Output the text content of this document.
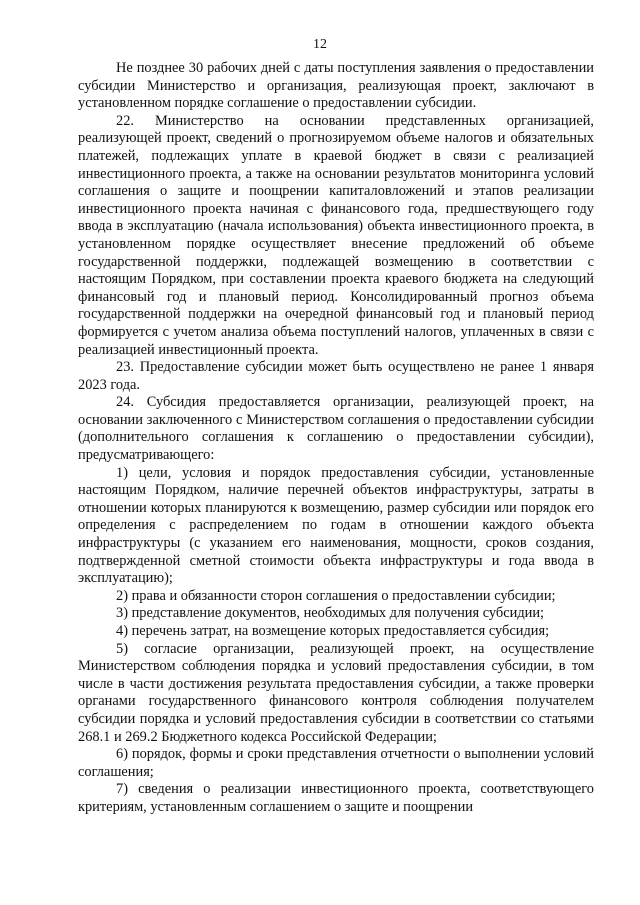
12

Не позднее 30 рабочих дней с даты поступления заявления о предоставлении субсидии Министерство и организация, реализующая проект, заключают в установленном порядке соглашение о предоставлении субсидии.

22. Министерство на основании представленных организацией, реализующей проект, сведений о прогнозируемом объеме налогов и обязательных платежей, подлежащих уплате в краевой бюджет в связи с реализацией инвестиционного проекта, а также на основании результатов мониторинга условий соглашения о защите и поощрении капиталовложений и этапов реализации инвестиционного проекта начиная с финансового года, предшествующего году ввода в эксплуатацию (начала использования) объекта инвестиционного проекта, в установленном порядке осуществляет внесение предложений об объеме государственной поддержки, подлежащей возмещению в соответствии с настоящим Порядком, при составлении проекта краевого бюджета на следующий финансовый год и плановый период. Консолидированный прогноз объема государственной поддержки на очередной финансовый год и плановый период формируется с учетом анализа объема поступлений налогов, уплаченных в связи с реализацией инвестиционный проекта.

23. Предоставление субсидии может быть осуществлено не ранее 1 января 2023 года.

24. Субсидия предоставляется организации, реализующей проект, на основании заключенного с Министерством соглашения о предоставлении субсидии (дополнительного соглашения к соглашению о предоставлении субсидии), предусматривающего:

1) цели, условия и порядок предоставления субсидии, установленные настоящим Порядком, наличие перечней объектов инфраструктуры, затраты в отношении которых планируются к возмещению, размер субсидии или порядок его определения с распределением по годам в отношении каждого объекта инфраструктуры (с указанием его наименования, мощности, сроков создания, подтвержденной сметной стоимости объекта инфраструктуры и года ввода в эксплуатацию);

2) права и обязанности сторон соглашения о предоставлении субсидии;

3) представление документов, необходимых для получения субсидии;

4) перечень затрат, на возмещение которых предоставляется субсидия;

5) согласие организации, реализующей проект, на осуществление Министерством соблюдения порядка и условий предоставления субсидии, в том числе в части достижения результата предоставления субсидии, а также проверки органами государственного финансового контроля соблюдения получателем субсидии порядка и условий предоставления субсидии в соответствии со статьями 268.1 и 269.2 Бюджетного кодекса Российской Федерации;

6) порядок, формы и сроки представления отчетности о выполнении условий соглашения;

7) сведения о реализации инвестиционного проекта, соответствующего критериям, установленным соглашением о защите и поощрении
